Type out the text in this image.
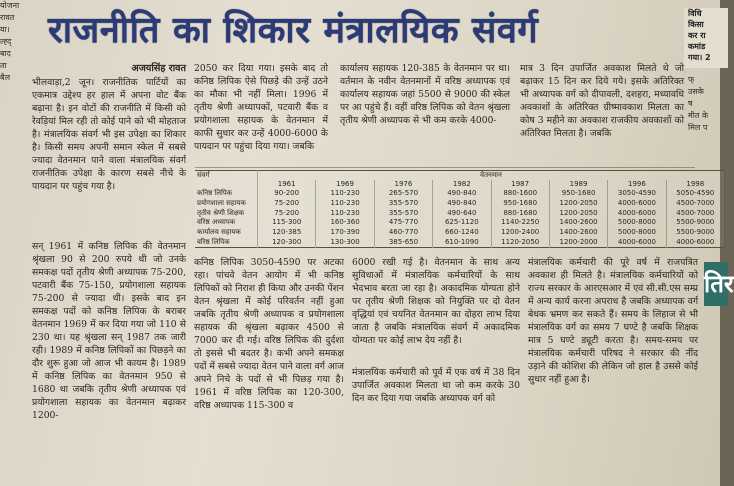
योजना
रावत
या।
ल्ह्द्
बाद
ता
बैल
राजनीति का शिकार मंत्रालयिक संवर्ग	विधि
किसा
कर रा
कमांड
गया। 2
फ्
उसके
ष
मीत के
मिल प
अजयसिंह रावत

भीलवाड़ा,2 जून। राजनीतिक पार्टियों का एकमात्र उद्देश्य हर हाल में अपना वोट बैंक बढ़ाना है। इन वोटों की राजनीति में किसी को रेवड़ियां मिल रही तो कोई पाने को भी मोहताज है। मंत्रालयिक संवर्ग भी इस उपेक्षा का शिकार है। किसी समय अपनी समान स्केल में सबसे ज्यादा वेतनमान पाने वाला मंत्रालयिक संवर्ग राजनीतिक उपेक्षा के कारण सबसे नीचे के पायदान पर पहुंच गया है।

सन् 1961 में कनिष्ठ लिपिक की वेतनमान श्रृंखला 90 से 200 रुपये थी जो उनके समकक्ष पदों तृतीय श्रेणी अध्यापक 75-200, पटवारी बैंक 75-150, प्रयोगशाला सहायक 75-200 से ज्यादा थी। इसके बाद इन समकक्ष पदों को कनिष्ठ लिपिक के बराबर वेतनमान 1969 में कर दिया गया जो 110 से 230 था। यह श्रृंखला सन् 1987 तक जारी रही। 1989 में कनिष्ठ लिपिकों का पिछड़ने का दौर शुरू हुआ जो आज भी कायम है। 1989 में कनिष्ठ लिपिक का वेतनमान 950 से 1680 था जबकि तृतीय श्रेणी अध्यापक एवं प्रयोगशाला सहायक का वेतनमान बढ़ाकर 1200-

2050 कर दिया गया। इसके बाद तो कनिष्ठ लिपिक ऐसे पिछड़े की उन्हें उठने का मौका भी नहीं मिला। 1996 में तृतीय श्रेणी अध्यापकों, पटवारी बैंक व प्रयोगशाला सहायक के वेतनमान में काफी सुधार कर उन्हें 4000-6000 के पायदान पर पहुंचा दिया गया। जबकि

कार्यालय सहायक 120-385 के वेतनमान पर था। वर्तमान के नवीन वेतनमानों में वरिष्ठ अध्यापक एवं कार्यालय सहायक जहां 5500 से 9000 की स्केल पर आ पहुंचे हैं। वहीं वरिष्ठ लिपिक को वेतन श्रृंखला तृतीय श्रेणी अध्यापक से भी कम करके 4000-

मात्र 3 दिन उपार्जित अवकाश मिलते थे जो बढ़ाकर 15 दिन कर दिये गये। इसके अतिरिक्त भी अध्यापक वर्ग को दीपावली, दशहरा, मध्यावधि अवकाशों के अतिरिक्त ग्रीष्मावकाश मिलता का कोष 3 महीने का अवकाश राजकीय अवकाशों को अतिरिक्त मिलता है। जबकि

संवर्ग	वेतनमान							
	1961	1969	1976	1982	1987	1989	1996	1998
कनिष्ठ लिपिक	90-200	110-230	265-570	490-840	880-1600	950-1680	3050-4590	5050-4590
प्रयोगशाला सहायक	75-200	110-230	355-570	490-840	950-1680	1200-2050	4000-6000	4500-7000
तृतीय श्रेणी शिक्षक	75-200	110-230	355-570	490-640	880-1680	1200-2050	4000-6000	4500-7000
वरिष्ठ अध्यापक	115-300	160-360	475-770	625-1120	1140-2250	1400-2600	5000-8000	5500-9000
कार्यालय सहायक	120-385	170-390	460-770	660-1240	1200-2400	1400-2600	5000-8000	5500-9000
वरिष्ठ लिपिक	120-300	130-300	385-650	610-1090	1120-2050	1200-2000	4000-6000	4000-6000

कनिष्ठ लिपिक 3050-4590 पर अटका रहा। पांचवे वेतन आयोग में भी कनिष्ठ लिपिकों को निराश ही किया और उनकी पेंशन वेतन श्रृंखला में कोई परिवर्तन नहीं हुआ जबकि तृतीय श्रेणी अध्यापक व प्रयोगशाला सहायक की श्रृंखला बढ़ाकर 4500 से 7000 कर दी गई। वरिष्ठ लिपिक की दुर्दशा तो इससे भी बदतर है। कभी अपने समकक्ष पदों में सबसे ज्यादा वेतन पाने वाला वर्ग आज अपने निचे के पदों से भी पिछड़ गया है। 1961 में वरिष्ठ लिपिक का 120-300, वरिष्ठ अध्यापक 115-300 व

6000 रखी गई है। वेतनमान के साथ अन्य सुविधाओं में मंत्रालयिक कर्मचारियों के साथ भेदभाव बरता जा रहा है। अकादमिक योग्यता होने पर तृतीय श्रेणी शिक्षक को नियुक्ति पर दो वेतन वृद्धियां एवं चयनित वेतनमान का दोहरा लाभ दिया जाता है जबकि मंत्रालयिक संवर्ग में अकादमिक योग्यता पर कोई लाभ देय नहीं है।

मंत्रालयिक कर्मचारी को पूर्व में एक वर्ष में 38 दिन उपार्जित अवकाश मिलता था जो कम करके 30 दिन कर दिया गया जबकि अध्यापक वर्ग को

मंत्रालयिक कर्मचारी की पूरे वर्ष में राजपत्रित अवकाश ही मिलते है। मंत्रालयिक कर्मचारियों को राज्य सरकार के आरएसआर में एवं सी.सी.एस सम्प्र में अन्य कार्य करना अपराध है जबकि अध्यापक वर्ग बेधक भ्रमण कर सकते हैं। समय के लिहाज से भी मंत्रालयिक वर्ग का समय 7 घण्टे है जबकि शिक्षक मात्र 5 घण्टे ड्यूटी करता है। समय-समय पर मंत्रालयिक कर्मचारी परिषद ने सरकार की नींद उड़ाने की कोशिश की लेकिन जो हाल है उससे कोई सुधार नहीं हुआ है।

तिर
